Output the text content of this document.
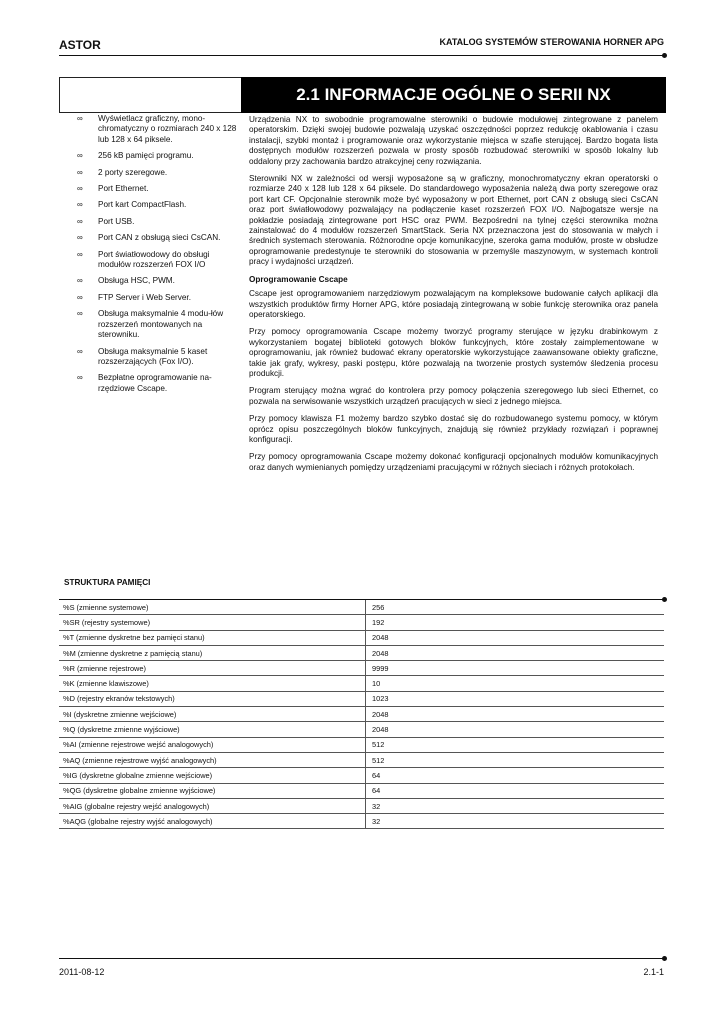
ASTOR	KATALOG SYSTEMÓW STEROWANIA HORNER APG
2.1 INFORMACJE OGÓLNE O SERII NX
∞ Wyświetlacz graficzny, mono-chromatyczny o rozmiarach 240 x 128 lub 128 x 64 piksele.
∞ 256 kB pamięci programu.
∞ 2 porty szeregowe.
∞ Port Ethernet.
∞ Port kart CompactFlash.
∞ Port USB.
∞ Port CAN z obsługą sieci CsCAN.
∞ Port światłowodowy do obsługi modułów rozszerzeń FOX I/O
∞ Obsługa HSC, PWM.
∞ FTP Server i Web Server.
∞ Obsługa maksymalnie 4 modu-łów rozszerzeń montowanych na sterowniku.
∞ Obsługa maksymalnie 5 kaset rozszerzających (Fox I/O).
∞ Bezpłatne oprogramowanie na-rzędziowe Cscape.

Urządzenia NX to swobodnie programowalne sterowniki o budowie modułowej zintegrowane z panelem operatorskim. Dzięki swojej budowie pozwalają uzyskać oszczędności poprzez redukcję okablowania i czasu instalacji, szybki montaż i programowanie oraz wykorzystanie miejsca w szafie sterującej. Bardzo bogata lista dostępnych modułów rozszerzeń pozwala w prosty sposób rozbudować sterowniki w sposób lokalny lub oddalony przy zachowania bardzo atrakcyjnej ceny rozwiązania.

Sterowniki NX w zależności od wersji wyposażone są w graficzny, monochromatyczny ekran operatorski o rozmiarze 240 x 128 lub 128 x 64 piksele. Do standardowego wyposażenia należą dwa porty szeregowe oraz port kart CF. Opcjonalnie sterownik może być wyposażony w port Ethernet, port CAN z obsługą sieci CsCAN oraz port światłowodowy pozwalający na podłączenie kaset rozszerzeń FOX I/O. Najbogatsze wersje na pokładzie posiadają zintegrowane port HSC oraz PWM. Bezpośredni na tylnej części sterownika można zainstalować do 4 modułów rozszerzeń SmartStack. Seria NX przeznaczona jest do stosowania w małych i średnich systemach sterowania. Różnorodne opcje komunikacyjne, szeroka gama modułów, proste w obsłudze oprogramowanie predestynuje te sterowniki do stosowania w przemyśle maszynowym, w systemach kontroli pracy i wydajności urządzeń.

Oprogramowanie Cscape

Cscape jest oprogramowaniem narzędziowym pozwalającym na kompleksowe budowanie całych aplikacji dla wszystkich produktów firmy Horner APG, które posiadają zintegrowaną w sobie funkcję sterownika oraz panela operatorskiego.

Przy pomocy oprogramowania Cscape możemy tworzyć programy sterujące w języku drabinkowym z wykorzystaniem bogatej biblioteki gotowych bloków funkcyjnych, które zostały zaimplementowane w oprogramowaniu, jak również budować ekrany operatorskie wykorzystujące zaawansowane obiekty graficzne, takie jak grafy, wykresy, paski postępu, które pozwalają na tworzenie prostych systemów śledzenia procesu produkcji.

Program sterujący można wgrać do kontrolera przy pomocy połączenia szeregowego lub sieci Ethernet, co pozwala na serwisowanie wszystkich urządzeń pracujących w sieci z jednego miejsca.

Przy pomocy klawisza F1 możemy bardzo szybko dostać się do rozbudowanego systemu pomocy, w którym oprócz opisu poszczególnych bloków funkcyjnych, znajdują się również przykłady rozwiązań i poprawnej konfiguracji.

Przy pomocy oprogramowania Cscape możemy dokonać konfiguracji opcjonalnych modułów komunikacyjnych oraz danych wymienianych pomiędzy urządzeniami pracującymi w różnych sieciach i różnych protokołach.

STRUKTURA PAMIĘCI
%S (zmienne systemowe)	256
%SR (rejestry systemowe)	192
%T (zmienne dyskretne bez pamięci stanu)	2048
%M (zmienne dyskretne z pamięcią stanu)	2048
%R (zmienne rejestrowe)	9999
%K (zmienne klawiszowe)	10
%D (rejestry ekranów tekstowych)	1023
%I (dyskretne zmienne wejściowe)	2048
%Q (dyskretne zmienne wyjściowe)	2048
%AI (zmienne rejestrowe wejść analogowych)	512
%AQ (zmienne rejestrowe wyjść analogowych)	512
%IG (dyskretne globalne zmienne wejściowe)	64
%QG (dyskretne globalne zmienne wyjściowe)	64
%AIG (globalne rejestry wejść analogowych)	32
%AQG (globalne rejestry wyjść analogowych)	32
2011-08-12	2.1-1
